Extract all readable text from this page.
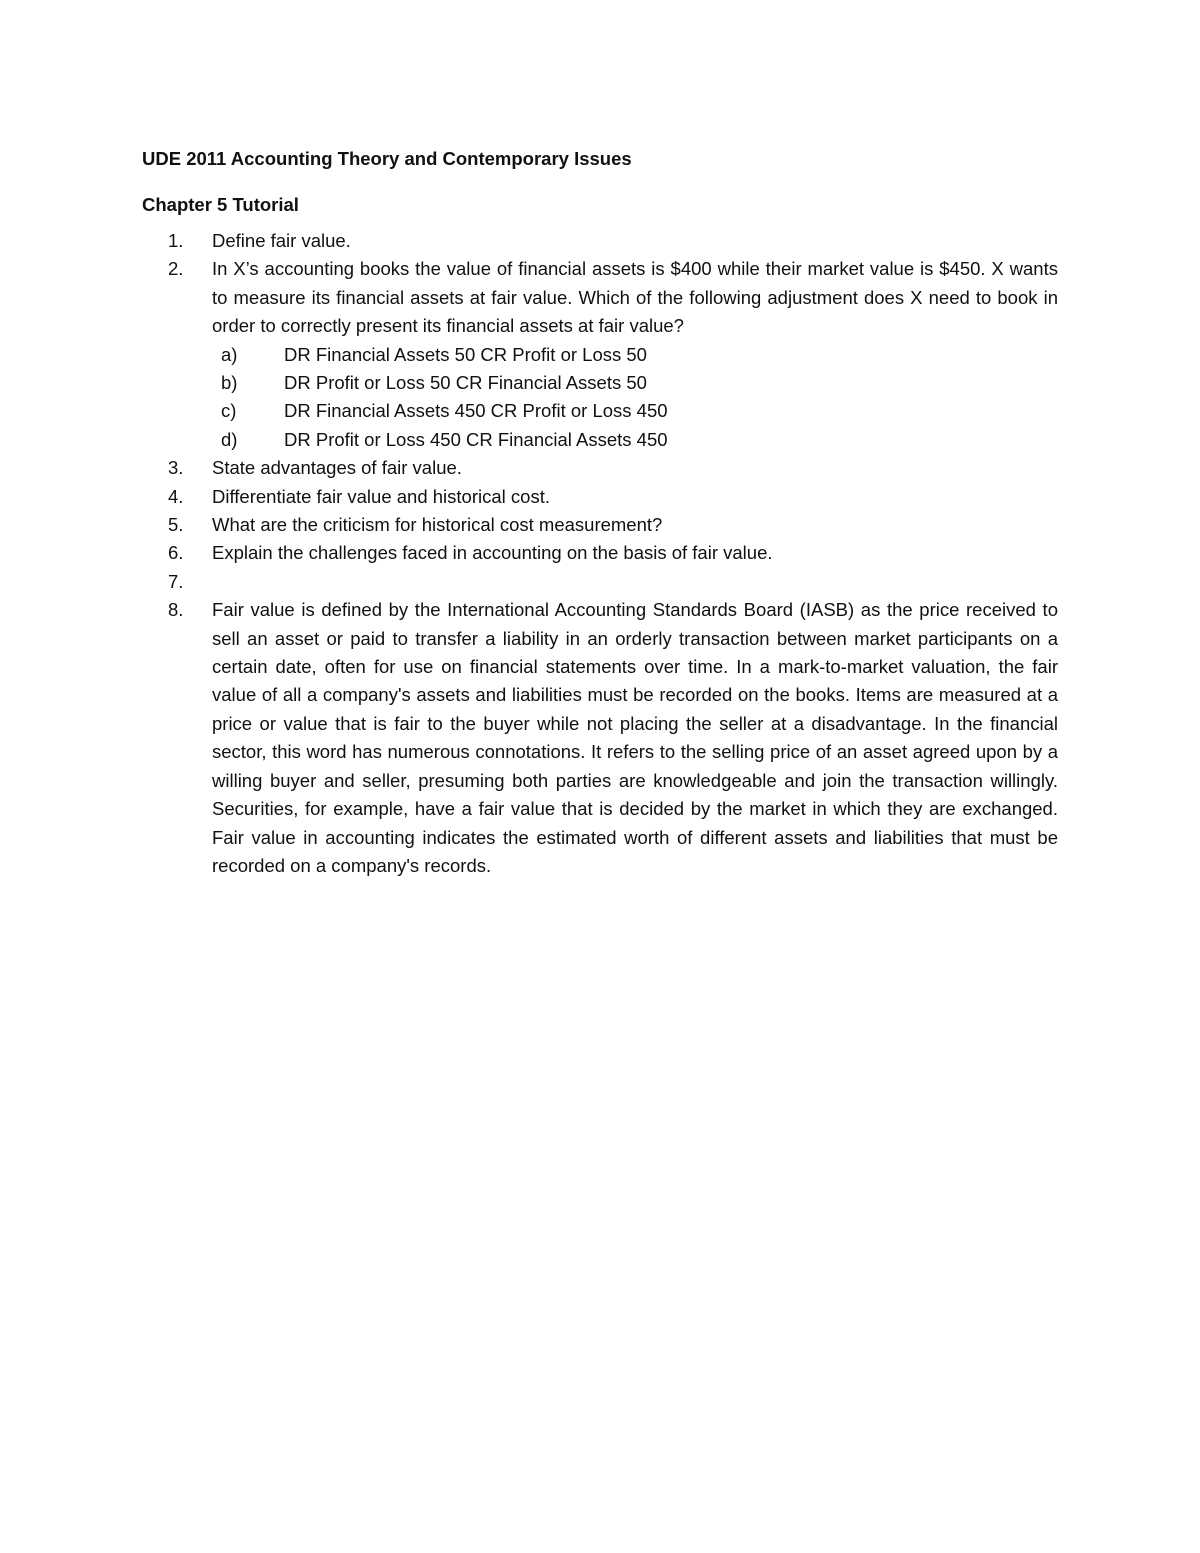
UDE 2011 Accounting Theory and Contemporary Issues
Chapter 5 Tutorial
1. Define fair value.
2. In X’s accounting books the value of financial assets is $400 while their market value is $450. X wants to measure its financial assets at fair value. Which of the following adjustment does X need to book in order to correctly present its financial assets at fair value?
a)	DR Financial Assets 50 CR Profit or Loss 50
b)	DR Profit or Loss 50 CR Financial Assets 50
c)	DR Financial Assets 450 CR Profit or Loss 450
d)	DR Profit or Loss 450 CR Financial Assets 450
3. State advantages of fair value.
4. Differentiate fair value and historical cost.
5. What are the criticism for historical cost measurement?
6. Explain the challenges faced in accounting on the basis of fair value.
7.
8. Fair value is defined by the International Accounting Standards Board (IASB) as the price received to sell an asset or paid to transfer a liability in an orderly transaction between market participants on a certain date, often for use on financial statements over time. In a mark-to-market valuation, the fair value of all a company's assets and liabilities must be recorded on the books. Items are measured at a price or value that is fair to the buyer while not placing the seller at a disadvantage. In the financial sector, this word has numerous connotations. It refers to the selling price of an asset agreed upon by a willing buyer and seller, presuming both parties are knowledgeable and join the transaction willingly. Securities, for example, have a fair value that is decided by the market in which they are exchanged. Fair value in accounting indicates the estimated worth of different assets and liabilities that must be recorded on a company's records.
